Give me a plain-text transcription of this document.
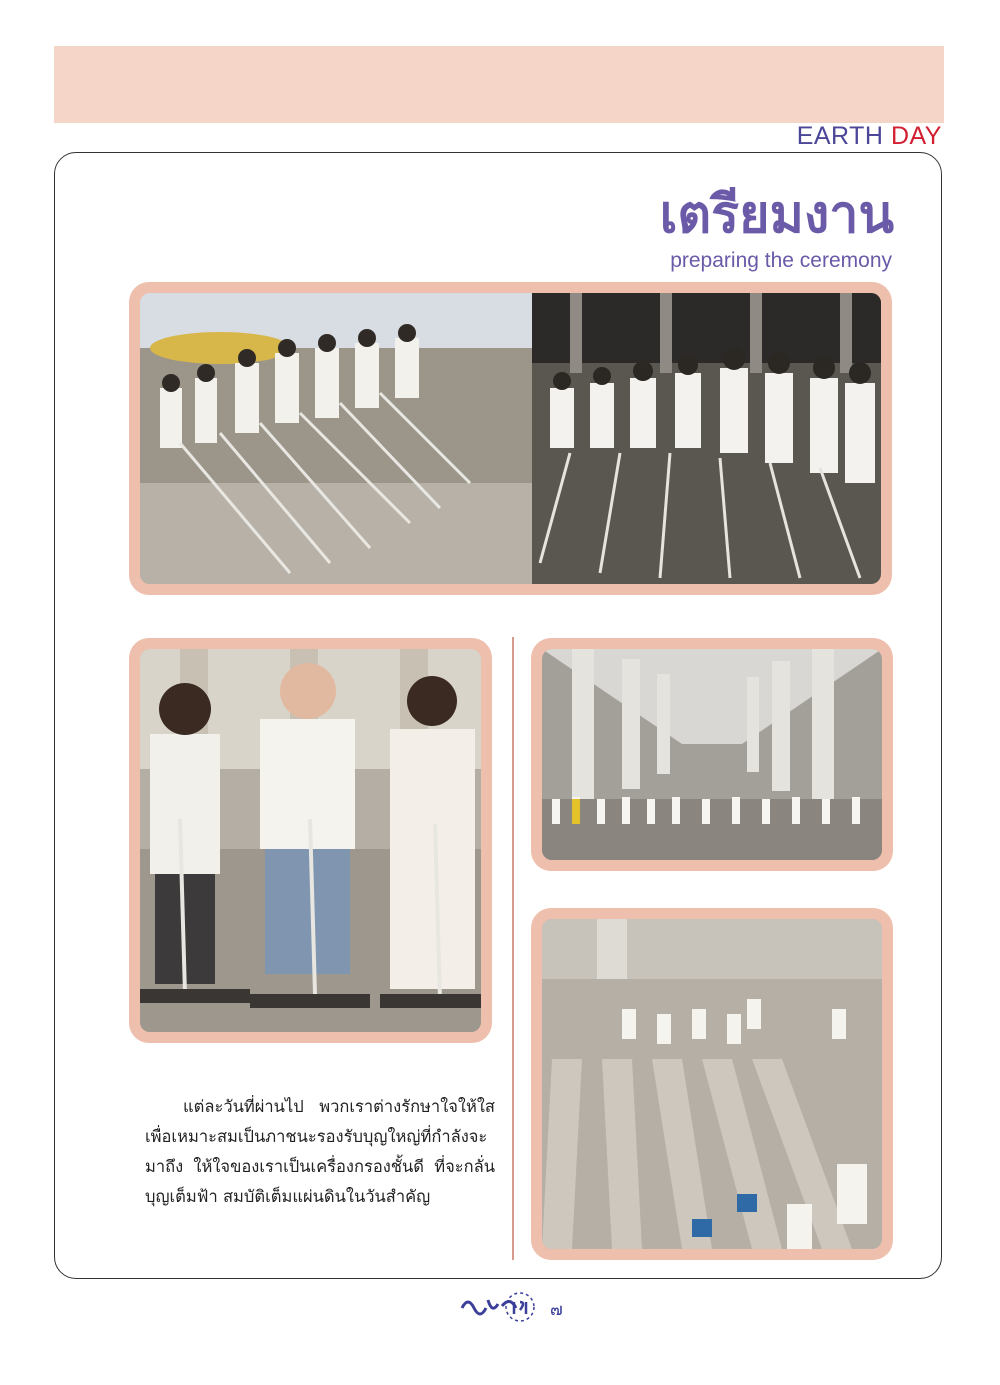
EARTH DAY
เตรียมงาน
preparing the ceremony

แต่ละวันที่ผ่านไป พวกเราต่างรักษาใจให้ใส เพื่อเหมาะสมเป็นภาชนะรองรับบุญใหญ่ที่กำลังจะมาถึง ให้ใจของเราเป็นเครื่องกรองชั้นดี ที่จะกลั่นบุญเต็มฟ้า สมบัติเต็มแผ่นดินในวันสำคัญ

๗
